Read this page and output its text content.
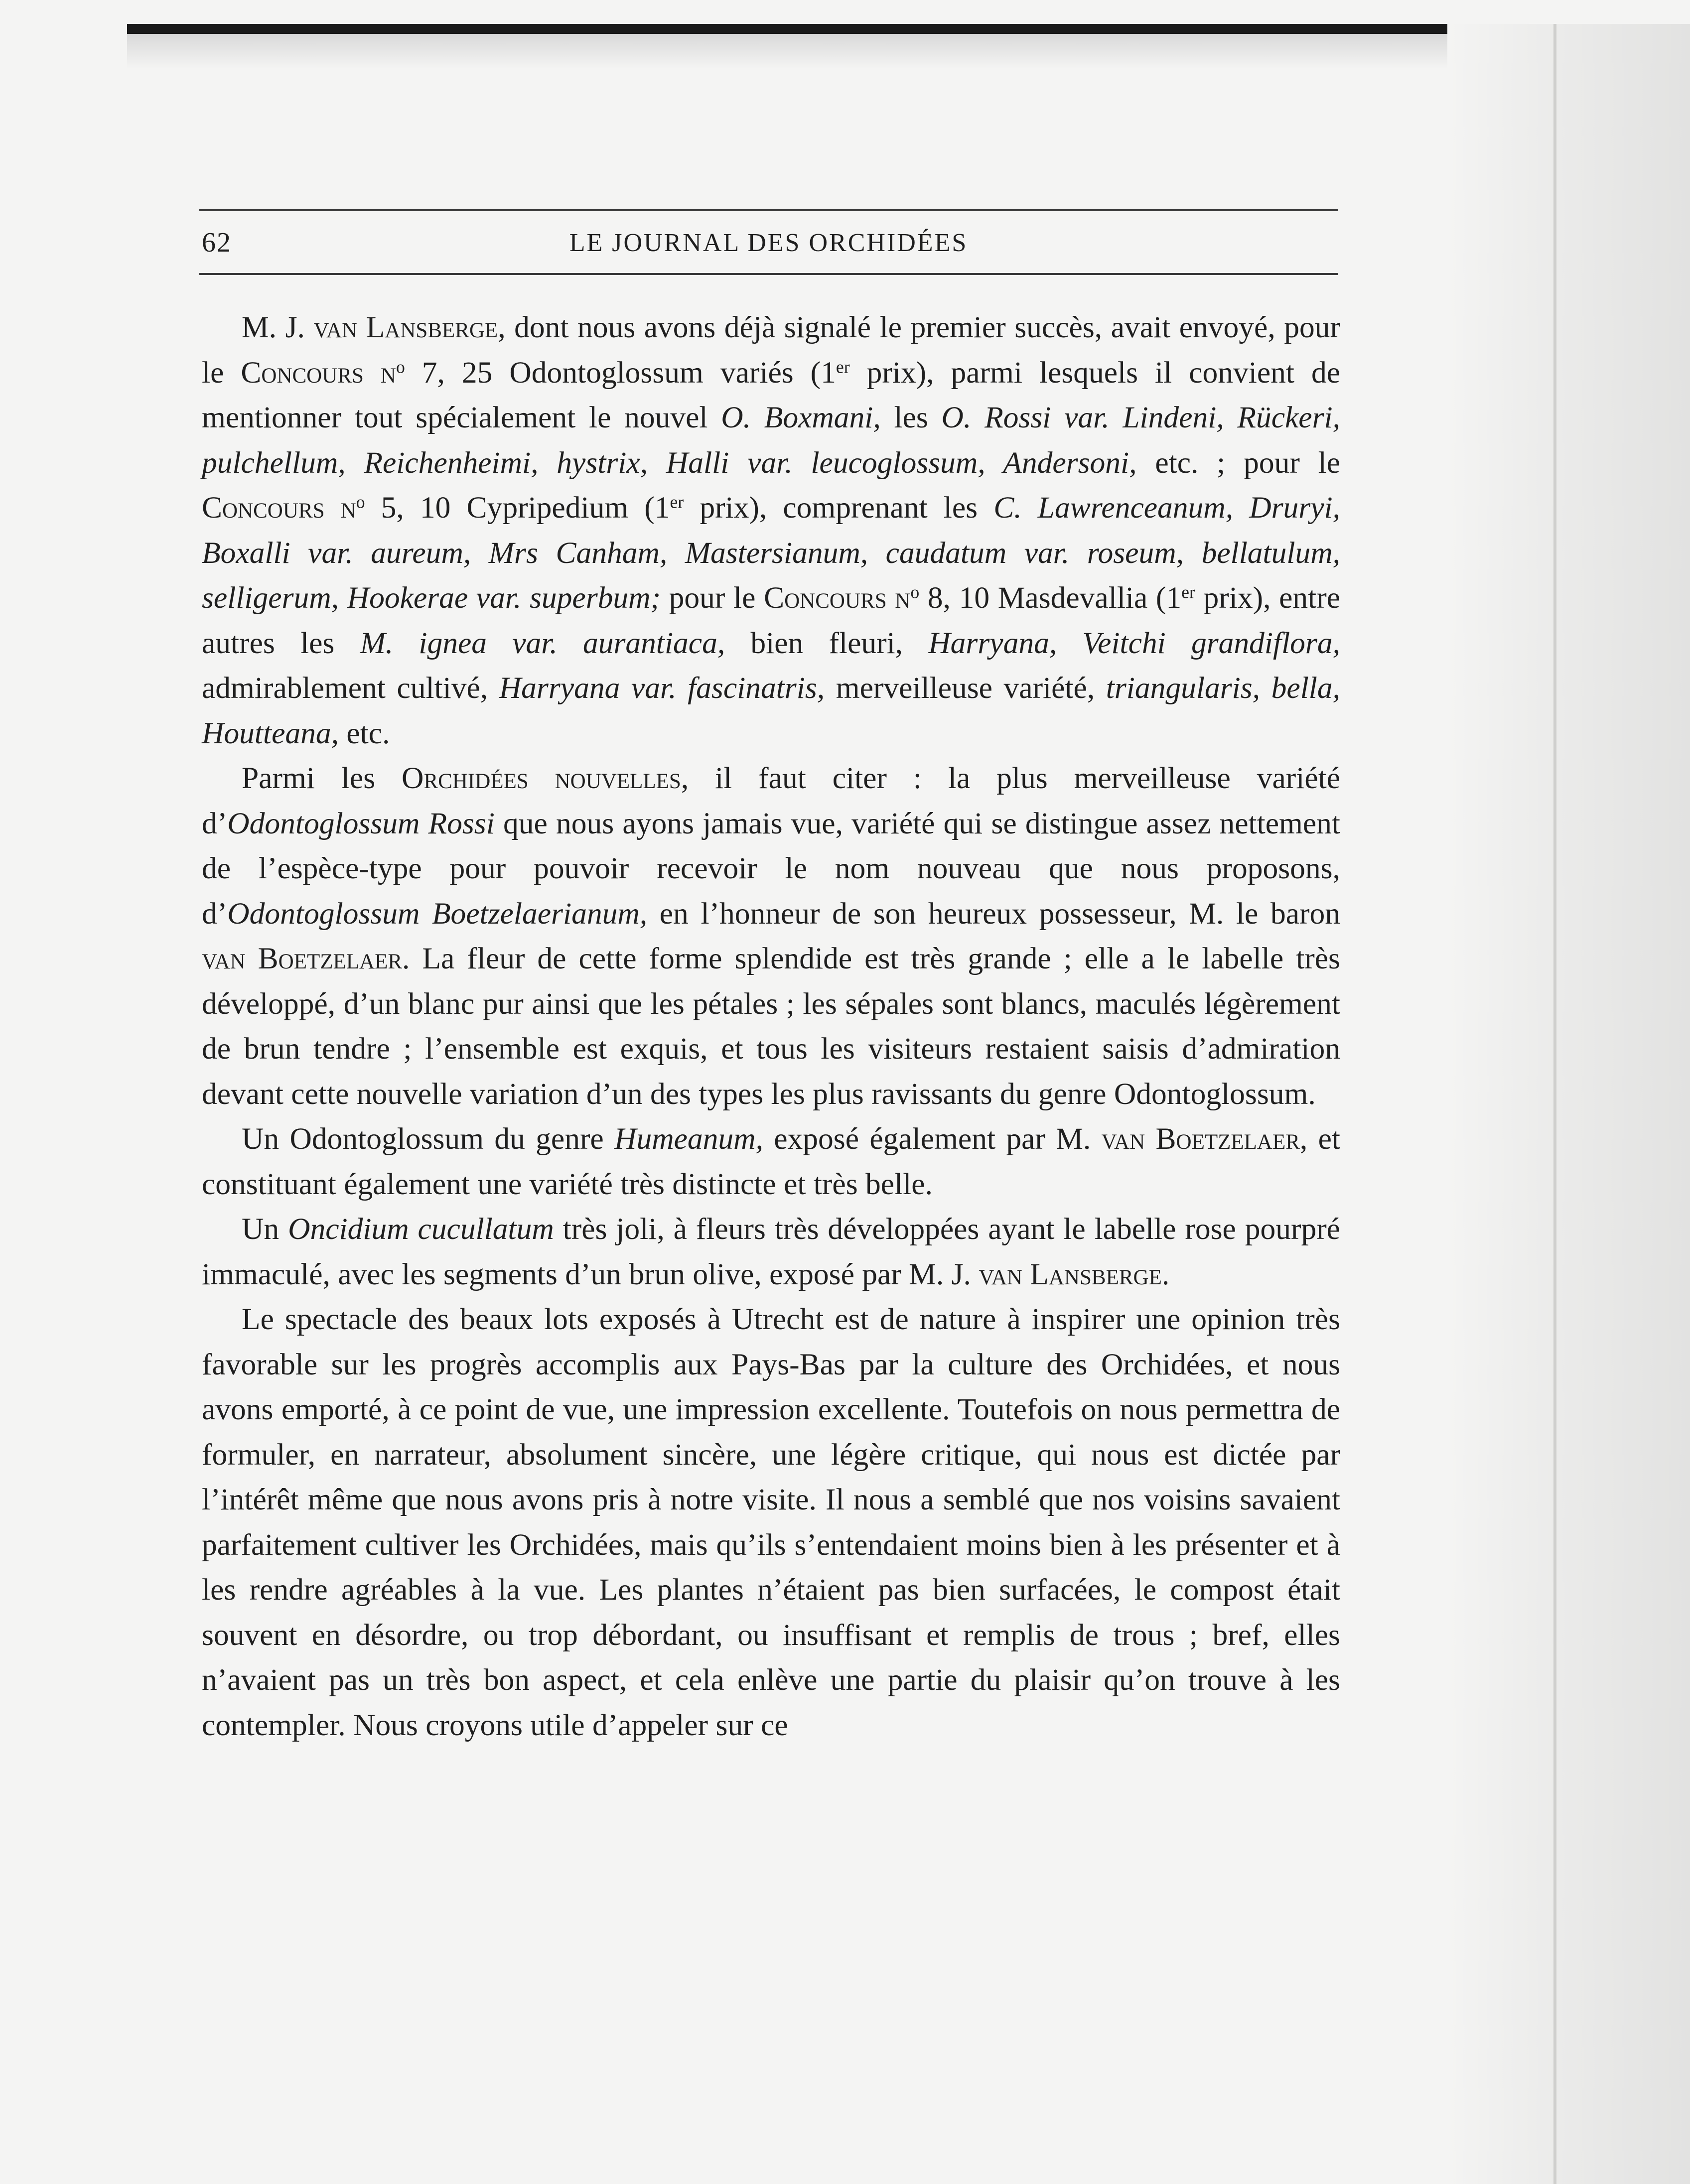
62	LE JOURNAL DES ORCHIDÉES

M. J. van Lansberge, dont nous avons déjà signalé le premier succès, avait envoyé, pour le Concours $n^o$ 7, 25 Odontoglossum variés (1er prix), parmi lesquels il convient de mentionner tout spécialement le nouvel O. Boxmani, les O. Rossi var. Lindeni, Rückeri, pulchellum, Reichenheimi, hystrix, Halli var. leucoglossum, Andersoni, etc. ; pour le Concours $n^o$ 5, 10 Cypripedium (1er prix), comprenant les C. Lawrenceanum, Druryi, Boxalli var. aureum, Mrs Canham, Mastersianum, caudatum var. roseum, bellatulum, selligerum, Hookerae var. superbum; pour le Concours $n^o$ 8, 10 Masdevallia (1er prix), entre autres les M. ignea var. aurantiaca, bien fleuri, Harryana, Veitchi grandiflora, admirablement cultivé, Harryana var. fascinatris, merveilleuse variété, triangularis, bella, Houtteana, etc.

Parmi les Orchidées nouvelles, il faut citer : la plus merveilleuse variété d’Odontoglossum Rossi que nous ayons jamais vue, variété qui se distingue assez nettement de l’espèce-type pour pouvoir recevoir le nom nouveau que nous proposons, d’Odontoglossum Boetzelaerianum, en l’honneur de son heureux possesseur, M. le baron van Boetzelaer. La fleur de cette forme splendide est très grande ; elle a le labelle très développé, d’un blanc pur ainsi que les pétales ; les sépales sont blancs, maculés légèrement de brun tendre ; l’ensemble est exquis, et tous les visiteurs restaient saisis d’admiration devant cette nouvelle variation d’un des types les plus ravissants du genre Odontoglossum.

Un Odontoglossum du genre Humeanum, exposé également par M. van Boetzelaer, et constituant également une variété très distincte et très belle.

Un Oncidium cucullatum très joli, à fleurs très développées ayant le labelle rose pourpré immaculé, avec les segments d’un brun olive, exposé par M. J. van Lansberge.

Le spectacle des beaux lots exposés à Utrecht est de nature à inspirer une opinion très favorable sur les progrès accomplis aux Pays-Bas par la culture des Orchidées, et nous avons emporté, à ce point de vue, une impression excellente. Toutefois on nous permettra de formuler, en narrateur, absolument sincère, une légère critique, qui nous est dictée par l’intérêt même que nous avons pris à notre visite. Il nous a semblé que nos voisins savaient parfaitement cultiver les Orchidées, mais qu’ils s’entendaient moins bien à les présenter et à les rendre agréables à la vue. Les plantes n’étaient pas bien surfacées, le compost était souvent en désordre, ou trop débordant, ou insuffisant et remplis de trous ; bref, elles n’avaient pas un très bon aspect, et cela enlève une partie du plaisir qu’on trouve à les contempler. Nous croyons utile d’appeler sur ce
